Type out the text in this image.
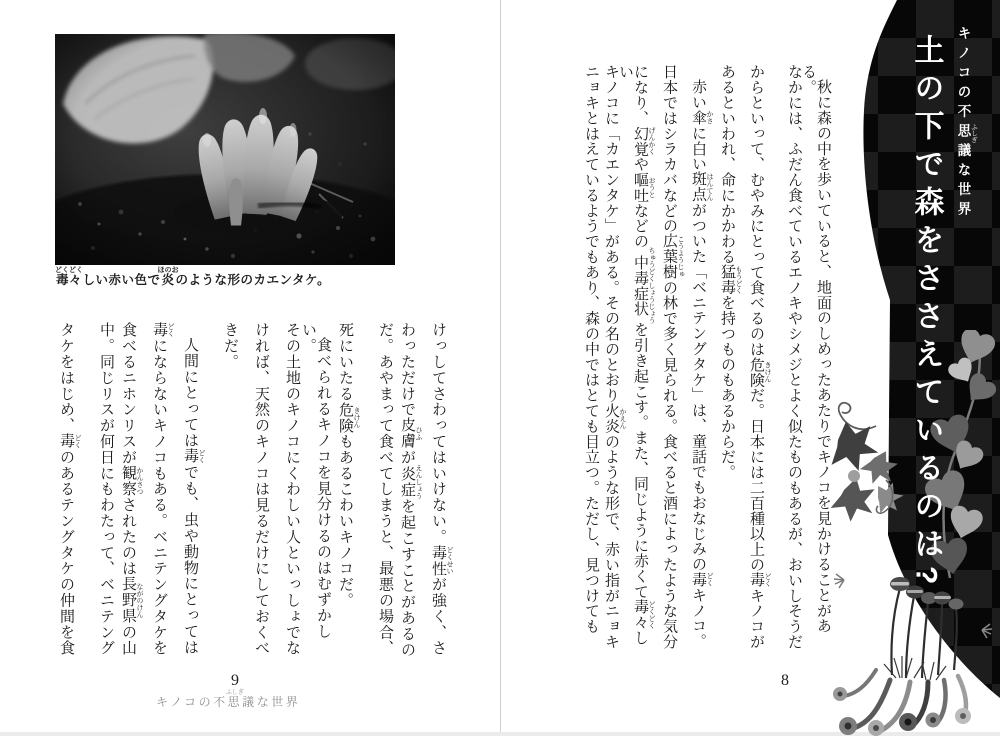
毒々どくどくしい赤い色で炎ほのおのような形のカエンタケ。
けっしてさわってはいけない。毒性 どくせいが強く、さ
わっただけで皮膚 ひふが炎症 えんしょうを起こすことがあるの
だ。あやまって食べてしまうと、最悪の場合、
死にいたる危険 きけんもあるこわいキノコだ。
食べられるキノコを見分けるのはむずかしい。
その土地のキノコにくわしい人といっしょでな
ければ、天然のキノコは見るだけにしておくべ
きだ。
人間にとっては毒 どくでも、虫や動物にとっては
毒 どくにならないキノコもある。ベニテングタケを
食べるニホンリスが観察 かんさつされたのは長野県 ながのけんの山
中。同じリスが何日にもわたって、ベニテング
タケをはじめ、毒 どくのあるテングタケの仲間を食
9
キノコの不思議ふしぎな世界
秋に森の中を歩いていると、地面のしめったあたりでキノコを見かけることがある。
なかには、ふだん食べているエノキやシメジとよく似たものもあるが、おいしそうだ
からといって、むやみにとって食べるのは危険 きけんだ。日本には二百種以上の毒 どくキノコが
あるといわれ、命にかかわる猛毒 もうどくを持つものもあるからだ。
赤い傘 かさに白い斑点 はんてんがついた「ベニテングタケ」は、童話でもおなじみの毒 どくキノコ。
日本ではシラカバなどの広葉樹 こうようじゅの林で多く見られる。食べると酒によったような気分
になり、幻覚 げんかくや嘔吐 おうとなどの中毒症状 ちゅうどくしょうじょうを引き起こす。また、同じように赤くて毒々 どくどくしい
キノコに「カエンタケ」がある。その名のとおり火炎 かえんのような形で、赤い指がニョキ
ニョキとはえているようでもあり、森の中ではとても目立つ。ただし、見つけても
8
土の下で森をささえているのは? キノコの不思議 ふしぎな世界
